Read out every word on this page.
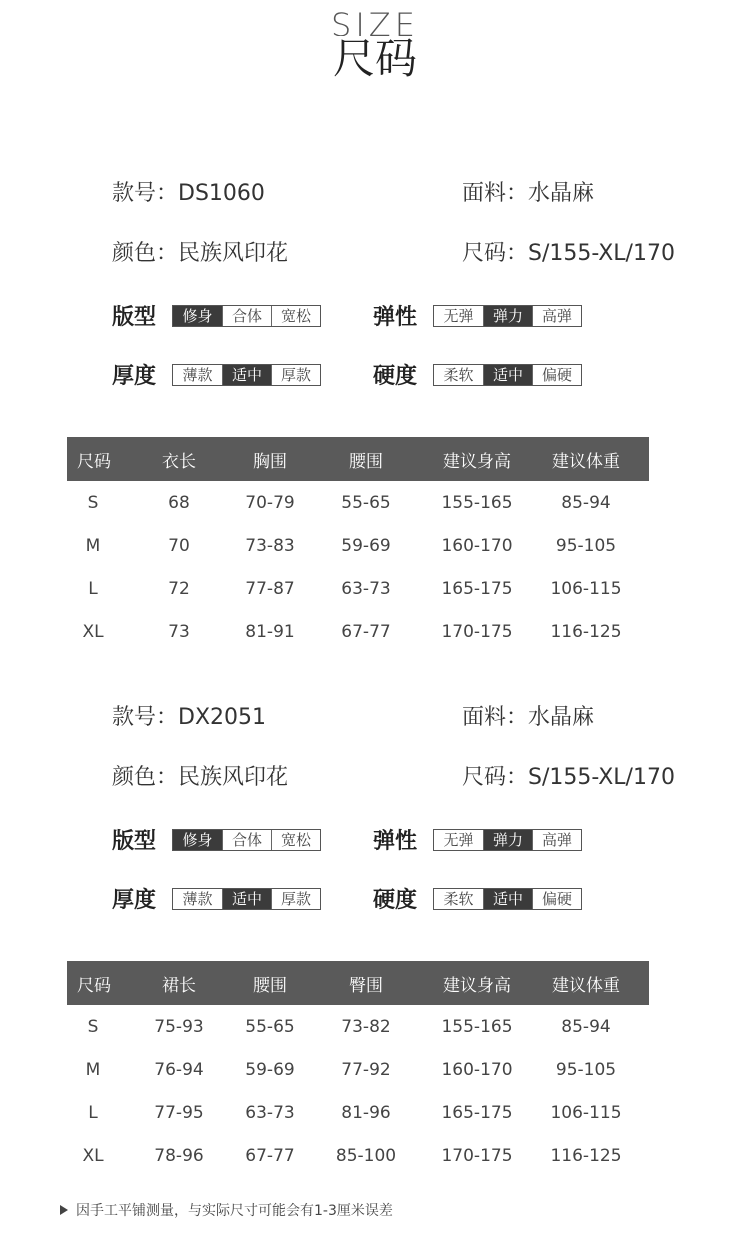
SIZE
尺码
款号：DS1060	面料：水晶麻
颜色：民族风印花	尺码：S/155-XL/170
版型	修身	合体	宽松	弹性	无弹	弹力	高弹
厚度	薄款	适中	厚款	硬度	柔软	适中	偏硬
尺码	衣长	胸围	腰围	建议身高	建议体重
S	68	70-79	55-65	155-165	85-94
M	70	73-83	59-69	160-170	95-105
L	72	77-87	63-73	165-175	106-115
XL	73	81-91	67-77	170-175	116-125
款号：DX2051	面料：水晶麻
颜色：民族风印花	尺码：S/155-XL/170
版型	修身	合体	宽松	弹性	无弹	弹力	高弹
厚度	薄款	适中	厚款	硬度	柔软	适中	偏硬
尺码	裙长	腰围	臀围	建议身高	建议体重
S	75-93	55-65	73-82	155-165	85-94
M	76-94	59-69	77-92	160-170	95-105
L	77-95	63-73	81-96	165-175	106-115
XL	78-96	67-77	85-100	170-175	116-125
因手工平铺测量，与实际尺寸可能会有1-3厘米误差
